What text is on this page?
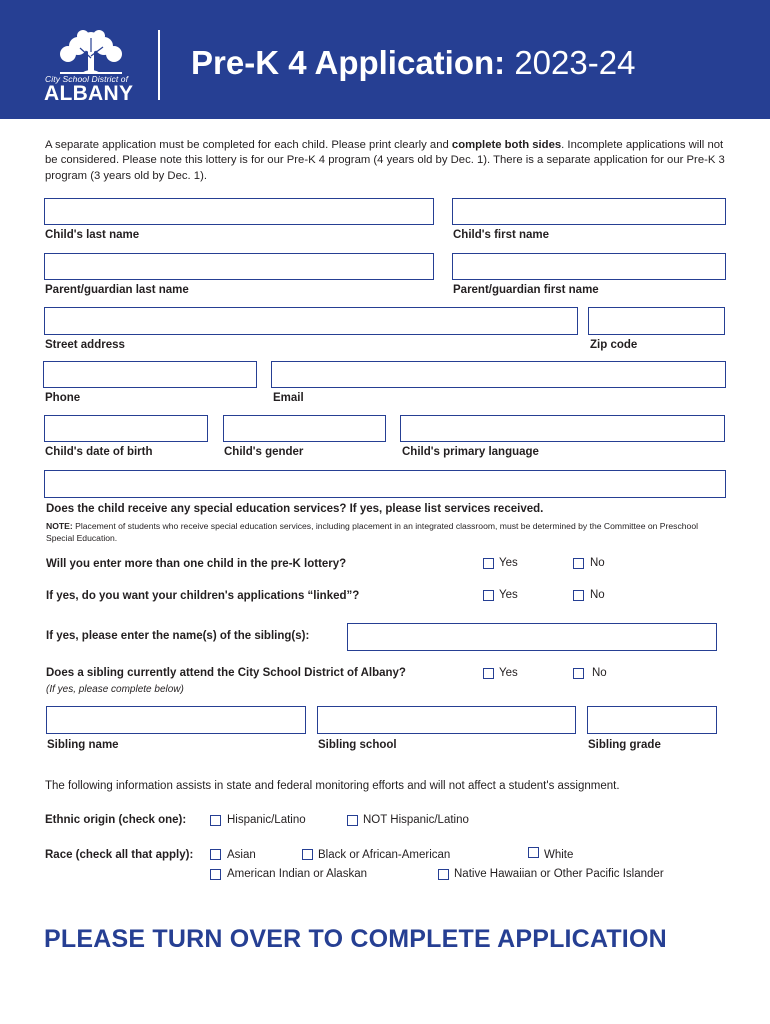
City School District of
ALBANY
Pre-K 4 Application: 2023-24
A separate application must be completed for each child. Please print clearly and complete both sides. Incomplete applications will not be considered. Please note this lottery is for our Pre-K 4 program (4 years old by Dec. 1). There is a separate application for our Pre-K 3 program (3 years old by Dec. 1).
Child's last name	Child's first name
Parent/guardian last name	Parent/guardian first name
Street address	Zip code
Phone	Email
Child's date of birth	Child's gender	Child's primary language
Does the child receive any special education services? If yes, please list services received.
NOTE: Placement of students who receive special education services, including placement in an integrated classroom, must be determined by the Committee on Preschool Special Education.
Will you enter more than one child in the pre-K lottery?	Yes	No
If yes, do you want your children's applications “linked”?	Yes	No
If yes, please enter the name(s) of the sibling(s):
Does a sibling currently attend the City School District of Albany?
(If yes, please complete below)
Yes	No
Sibling name	Sibling school	Sibling grade
The following information assists in state and federal monitoring efforts and will not affect a student's assignment.
Ethnic origin (check one):	Hispanic/Latino	NOT Hispanic/Latino
Race (check all that apply):	Asian	Black or African-American	White
American Indian or Alaskan	Native Hawaiian or Other Pacific Islander
PLEASE TURN OVER TO COMPLETE APPLICATION
